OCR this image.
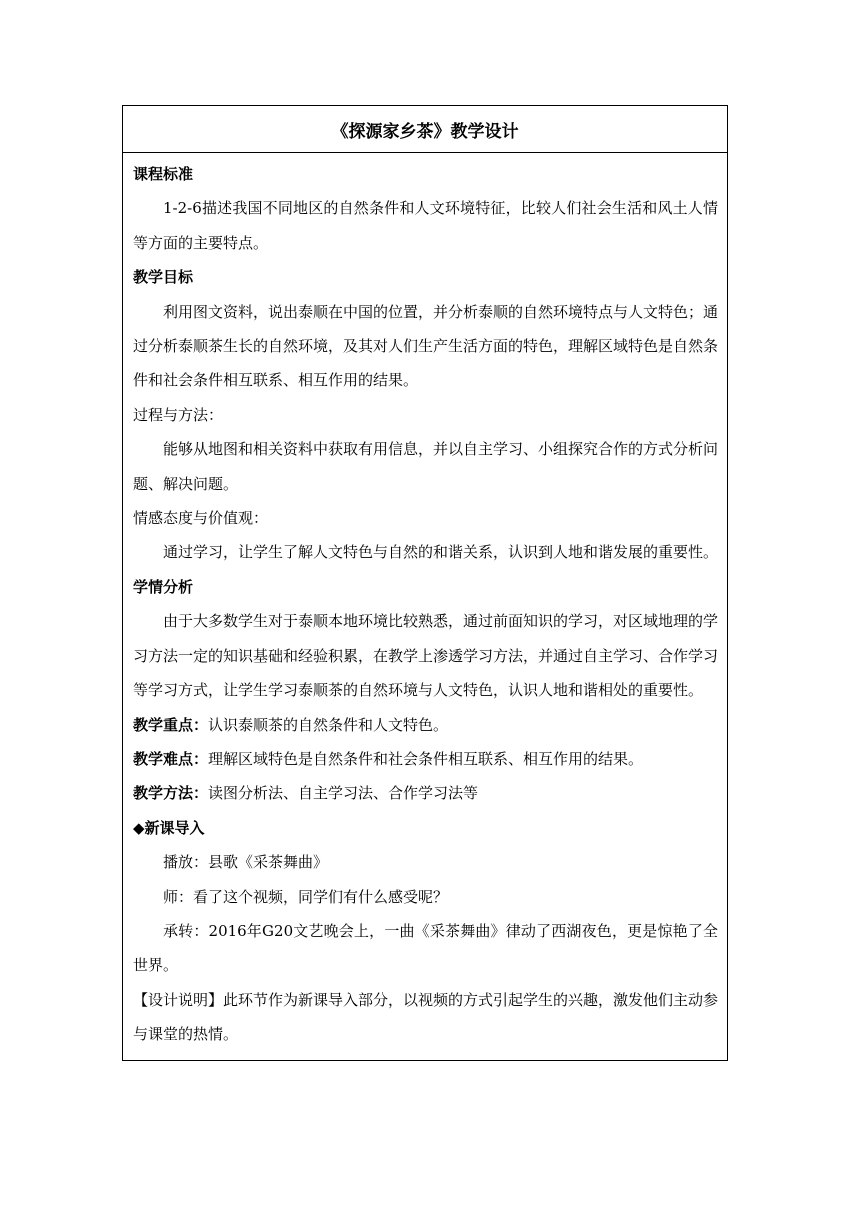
《探源家乡茶》教学设计
课程标准
1-2-6描述我国不同地区的自然条件和人文环境特征，比较人们社会生活和风土人情等方面的主要特点。
教学目标
利用图文资料，说出泰顺在中国的位置，并分析泰顺的自然环境特点与人文特色；通过分析泰顺茶生长的自然环境，及其对人们生产生活方面的特色，理解区域特色是自然条件和社会条件相互联系、相互作用的结果。
过程与方法：
能够从地图和相关资料中获取有用信息，并以自主学习、小组探究合作的方式分析问题、解决问题。
情感态度与价值观：
通过学习，让学生了解人文特色与自然的和谐关系，认识到人地和谐发展的重要性。
学情分析
由于大多数学生对于泰顺本地环境比较熟悉，通过前面知识的学习，对区域地理的学习方法一定的知识基础和经验积累，在教学上渗透学习方法，并通过自主学习、合作学习等学习方式，让学生学习泰顺茶的自然环境与人文特色，认识人地和谐相处的重要性。
教学重点：认识泰顺茶的自然条件和人文特色。
教学难点：理解区域特色是自然条件和社会条件相互联系、相互作用的结果。
教学方法：读图分析法、自主学习法、合作学习法等
◆新课导入
播放：县歌《采茶舞曲》
师：看了这个视频，同学们有什么感受呢？
承转：2016年G20文艺晚会上，一曲《采茶舞曲》律动了西湖夜色，更是惊艳了全世界。
【设计说明】此环节作为新课导入部分，以视频的方式引起学生的兴趣，激发他们主动参与课堂的热情。
